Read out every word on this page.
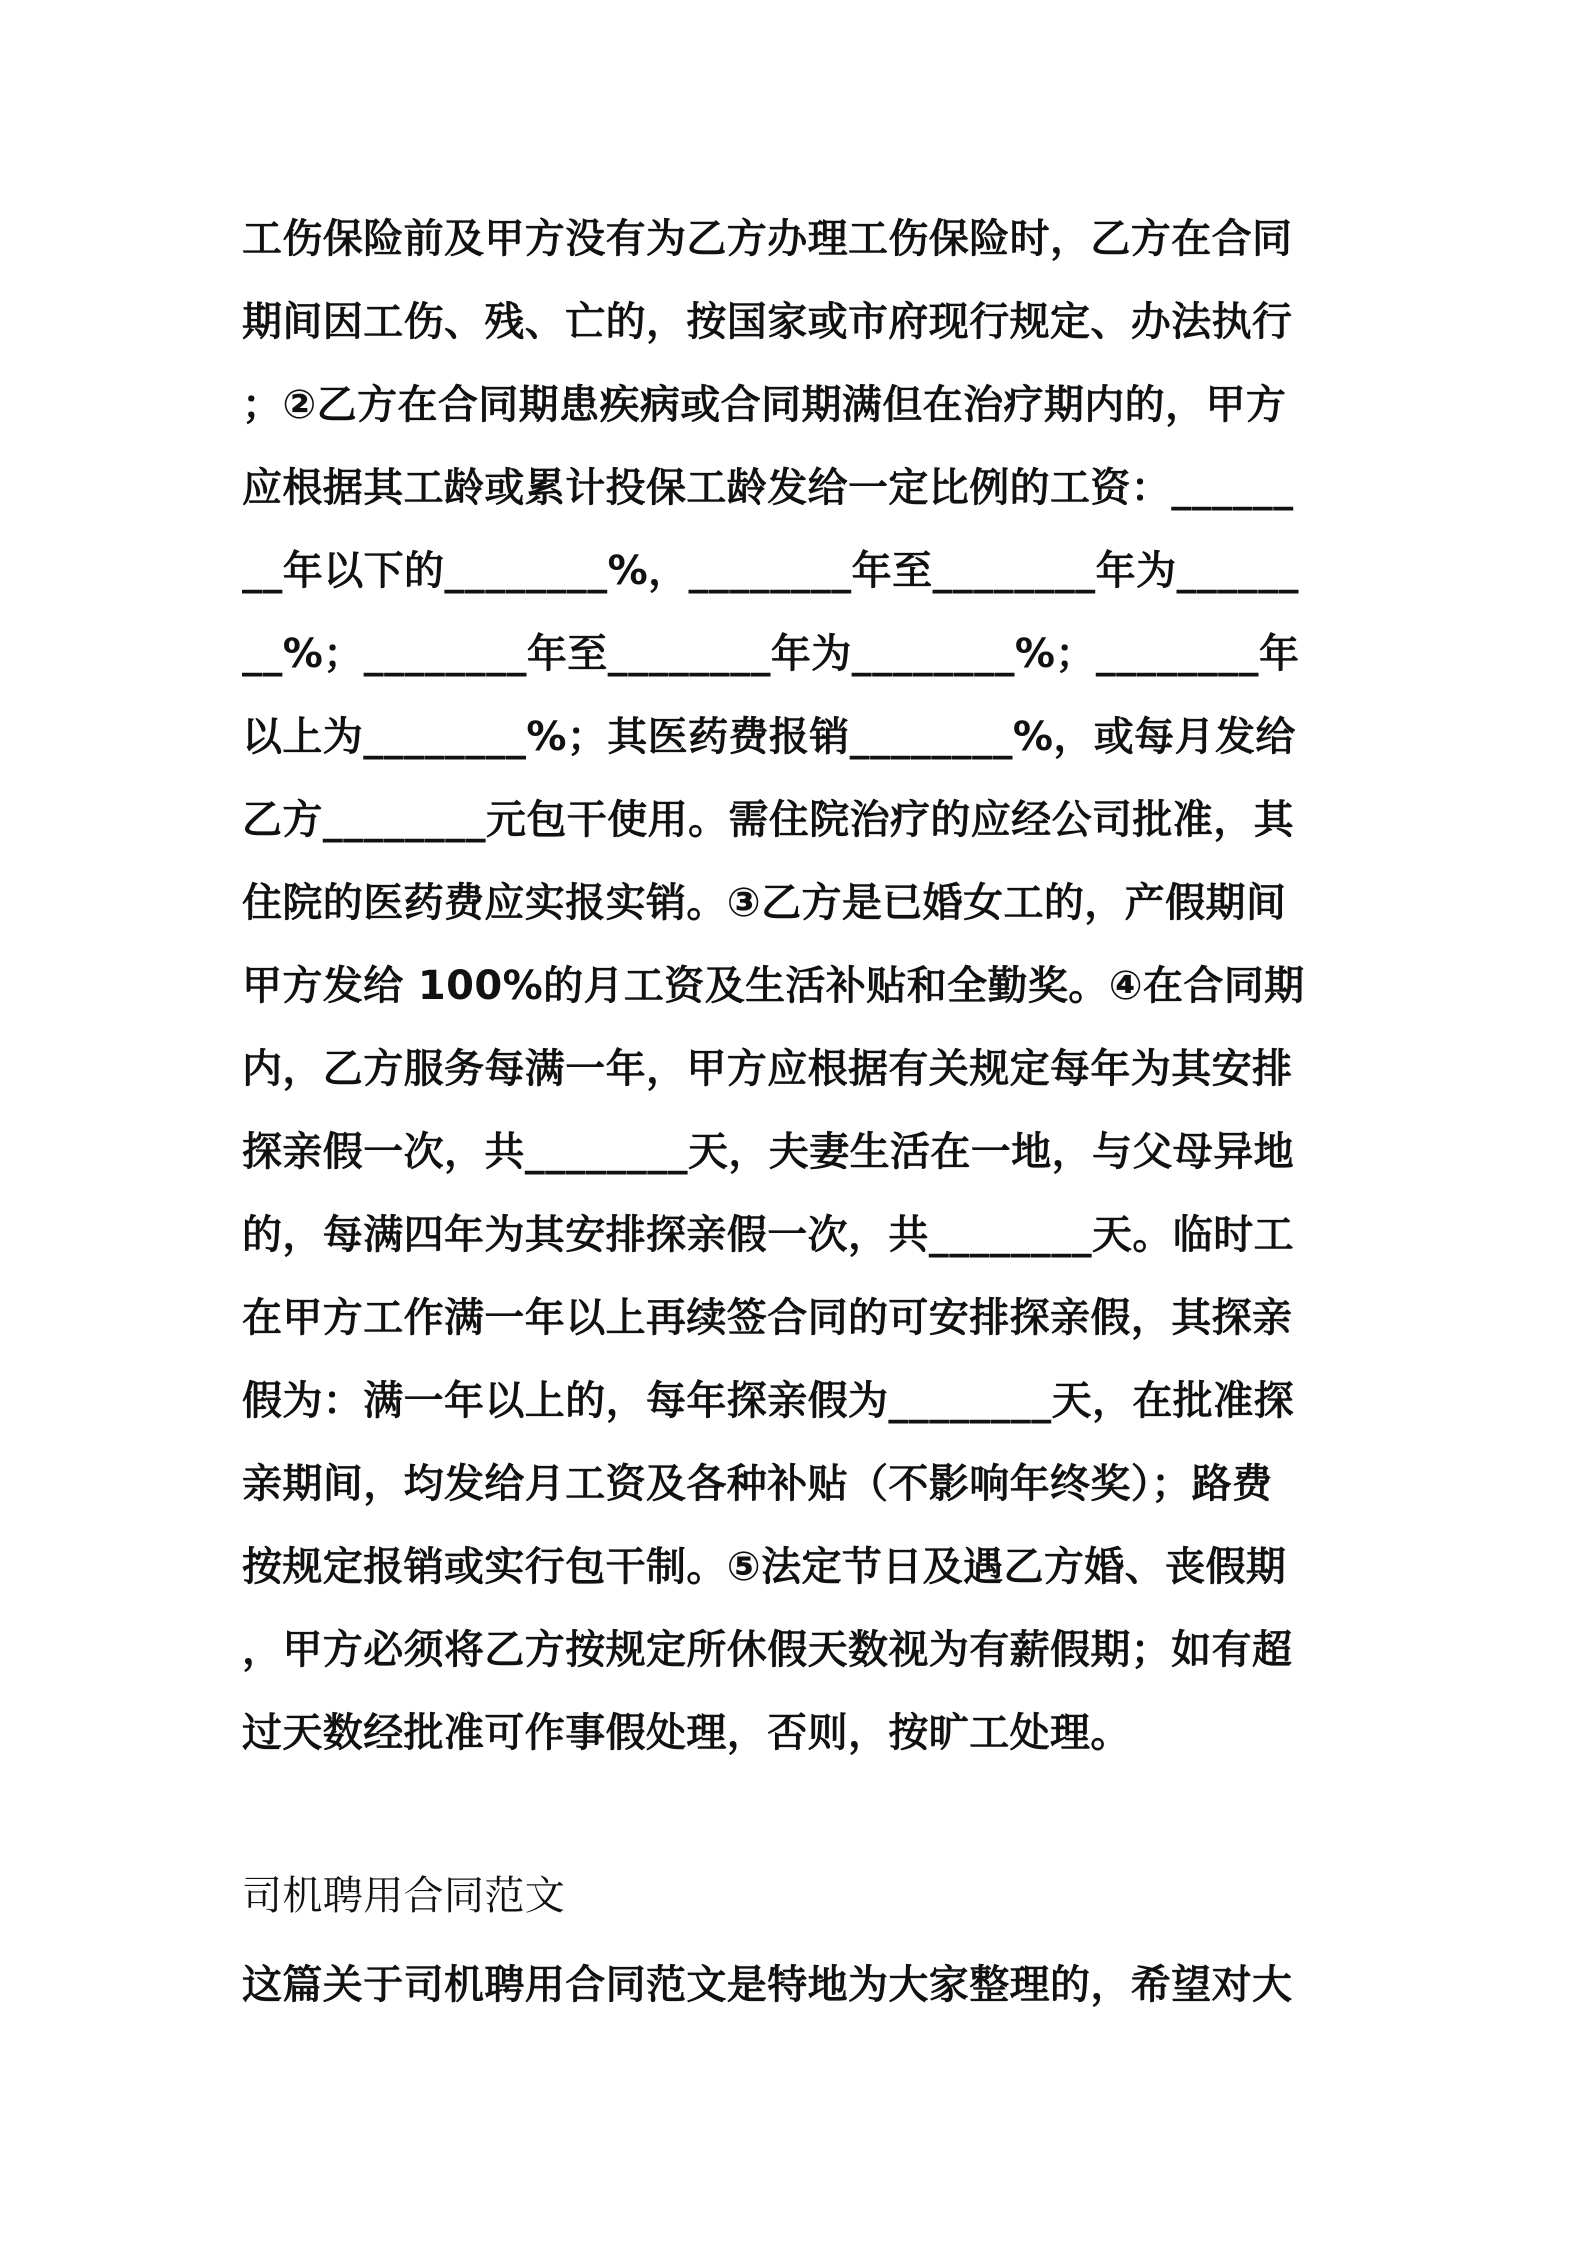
工伤保险前及甲方没有为乙方办理工伤保险时，乙方在合同
期间因工伤、残、亡的，按国家或市府现行规定、办法执行
；②乙方在合同期患疾病或合同期满但在治疗期内的，甲方
应根据其工龄或累计投保工龄发给一定比例的工资：______
__年以下的________%，________年至________年为______
__%；________年至________年为________%；________年
以上为________%；其医药费报销________%，或每月发给
乙方________元包干使用。需住院治疗的应经公司批准，其
住院的医药费应实报实销。③乙方是已婚女工的，产假期间
甲方发给 100%的月工资及生活补贴和全勤奖。④在合同期
内，乙方服务每满一年，甲方应根据有关规定每年为其安排
探亲假一次，共________天，夫妻生活在一地，与父母异地
的，每满四年为其安排探亲假一次，共________天。临时工
在甲方工作满一年以上再续签合同的可安排探亲假，其探亲
假为：满一年以上的，每年探亲假为________天，在批准探
亲期间，均发给月工资及各种补贴（不影响年终奖）；路费
按规定报销或实行包干制。⑤法定节日及遇乙方婚、丧假期
，甲方必须将乙方按规定所休假天数视为有薪假期；如有超
过天数经批准可作事假处理，否则，按旷工处理。
司机聘用合同范文
这篇关于司机聘用合同范文是特地为大家整理的，希望对大
